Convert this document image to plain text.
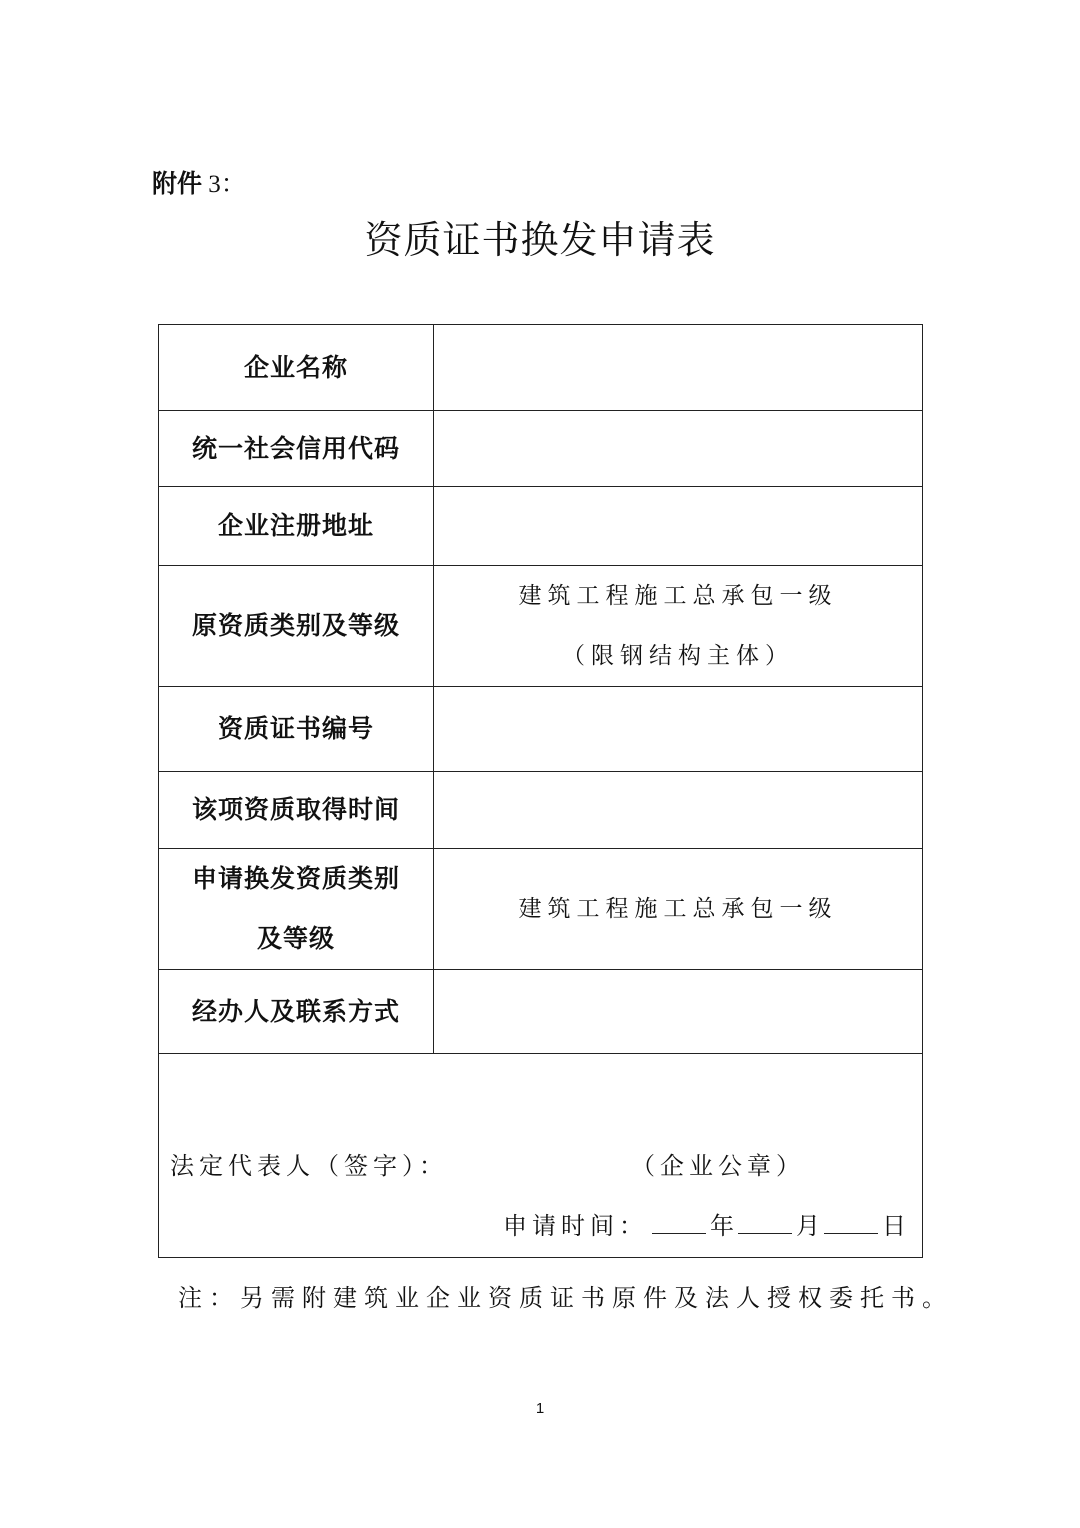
附件 3：
资质证书换发申请表
企业名称	
统一社会信用代码	
企业注册地址	
原资质类别及等级	建筑工程施工总承包一级
（限钢结构主体）

资质证书编号	
该项资质取得时间	

申请换发资质类别
及等级	建筑工程施工总承包一级

经办人及联系方式	

法定代表人（签字）： （企业公章）
申请时间： 年 月 日	
注：另需附建筑业企业资质证书原件及法人授权委托书。
1
